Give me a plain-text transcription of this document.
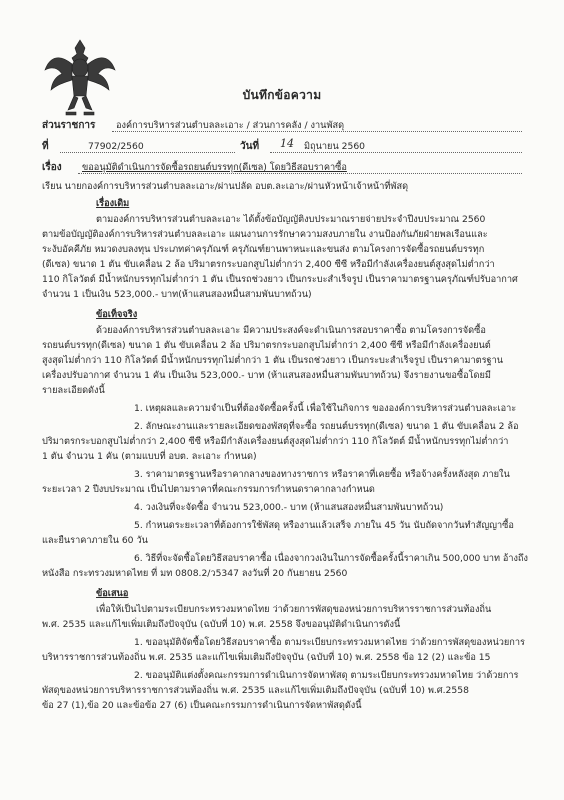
บันทึกข้อความ
ส่วนราชการ องค์การบริหารส่วนตำบลละเอาะ / ส่วนการคลัง / งานพัสดุ
ที่	77902/2560	วันที่ 14 มิถุนายน 2560
เรื่อง ขออนุมัติดำเนินการจัดซื้อรถยนต์บรรทุก(ดีเซล) โดยวิธีสอบราคาซื้อ
เรียน นายกองค์การบริหารส่วนตำบลละเอาะ/ผ่านปลัด อบต.ละเอาะ/ผ่านหัวหน้าเจ้าหน้าที่พัสดุ
เรื่องเดิม
ตามองค์การบริหารส่วนตำบลละเอาะ ได้ตั้งข้อบัญญัติงบประมาณรายจ่ายประจำปีงบประมาณ 2560
ตามข้อบัญญัติองค์การบริหารส่วนตำบลละเอาะ แผนงานการรักษาความสงบภายใน งานป้องกันภัยฝ่ายพลเรือนและ
ระงับอัคคีภัย หมวดงบลงทุน ประเภทค่าครุภัณฑ์ ครุภัณฑ์ยานพาหนะและขนส่ง ตามโครงการจัดซื้อรถยนต์บรรทุก
(ดีเซล) ขนาด 1 ตัน ขับเคลื่อน 2 ล้อ ปริมาตรกระบอกสูบไม่ต่ำกว่า 2,400 ซีซี หรือมีกำลังเครื่องยนต์สูงสุดไม่ต่ำกว่า
110 กิโลวัตต์ มีน้ำหนักบรรทุกไม่ต่ำกว่า 1 ตัน เป็นรถช่วงยาว เป็นกระบะสำเร็จรูป เป็นราคามาตรฐานครุภัณฑ์ปรับอากาศ
จำนวน 1 เป็นเงิน 523,000.- บาท(ห้าแสนสองหมื่นสามพันบาทถ้วน)
ข้อเท็จจริง
ด้วยองค์การบริหารส่วนตำบลละเอาะ มีความประสงค์จะดำเนินการสอบราคาซื้อ ตามโครงการจัดซื้อ
รถยนต์บรรทุก(ดีเซล) ขนาด 1 ตัน ขับเคลื่อน 2 ล้อ ปริมาตรกระบอกสูบไม่ต่ำกว่า 2,400 ซีซี หรือมีกำลังเครื่องยนต์
สูงสุดไม่ต่ำกว่า 110 กิโลวัตต์ มีน้ำหนักบรรทุกไม่ต่ำกว่า 1 ตัน เป็นรถช่วงยาว เป็นกระบะสำเร็จรูป เป็นราคามาตรฐาน
เครื่องปรับอากาศ จำนวน 1 คัน เป็นเงิน 523,000.- บาท (ห้าแสนสองหมื่นสามพันบาทถ้วน) จึงรายงานขอซื้อโดยมี
รายละเอียดดังนี้
1. เหตุผลและความจำเป็นที่ต้องจัดซื้อครั้งนี้ เพื่อใช้ในกิจการ ขององค์การบริหารส่วนตำบลละเอาะ
2. ลักษณะงานและรายละเอียดของพัสดุที่จะซื้อ รถยนต์บรรทุก(ดีเซล) ขนาด 1 ตัน ขับเคลื่อน 2 ล้อ
ปริมาตรกระบอกสูบไม่ต่ำกว่า 2,400 ซีซี หรือมีกำลังเครื่องยนต์สูงสุดไม่ต่ำกว่า 110 กิโลวัตต์ มีน้ำหนักบรรทุกไม่ต่ำกว่า
1 ตัน จำนวน 1 คัน (ตามแบบที่ อบต. ละเอาะ กำหนด)
3. ราคามาตรฐานหรือราคากลางของทางราชการ หรือราคาที่เคยซื้อ หรือจ้างครั้งหลังสุด ภายใน
ระยะเวลา 2 ปีงบประมาณ เป็นไปตามราคาที่คณะกรรมการกำหนดราคากลางกำหนด
4. วงเงินที่จะจัดซื้อ จำนวน 523,000.- บาท (ห้าแสนสองหมื่นสามพันบาทถ้วน)
5. กำหนดระยะเวลาที่ต้องการใช้พัสดุ หรืองานแล้วเสร็จ ภายใน 45 วัน นับถัดจากวันทำสัญญาซื้อ
และยืนราคาภายใน 60 วัน
6. วิธีที่จะจัดซื้อโดยวิธีสอบราคาซื้อ เนื่องจากวงเงินในการจัดซื้อครั้งนี้ราคาเกิน 500,000 บาท อ้างถึง
หนังสือ กระทรวงมหาดไทย ที่ มท 0808.2/ว5347 ลงวันที่ 20 กันยายน 2560
ข้อเสนอ
เพื่อให้เป็นไปตามระเบียบกระทรวงมหาดไทย ว่าด้วยการพัสดุของหน่วยการบริหารราชการส่วนท้องถิ่น
พ.ศ. 2535 และแก้ไขเพิ่มเติมถึงปัจจุบัน (ฉบับที่ 10) พ.ศ. 2558 จึงขออนุมัติดำเนินการดังนี้
1. ขออนุมัติจัดซื้อโดยวิธีสอบราคาซื้อ ตามระเบียบกระทรวงมหาดไทย ว่าด้วยการพัสดุของหน่วยการ
บริหารราชการส่วนท้องถิ่น พ.ศ. 2535 และแก้ไขเพิ่มเติมถึงปัจจุบัน (ฉบับที่ 10) พ.ศ. 2558 ข้อ 12 (2) และข้อ 15
2. ขออนุมัติแต่งตั้งคณะกรรมการดำเนินการจัดหาพัสดุ ตามระเบียบกระทรวงมหาดไทย ว่าด้วยการ
พัสดุของหน่วยการบริหารราชการส่วนท้องถิ่น พ.ศ. 2535 และแก้ไขเพิ่มเติมถึงปัจจุบัน (ฉบับที่ 10) พ.ศ.2558
ข้อ 27 (1),ข้อ 20 และข้อข้อ 27 (6) เป็นคณะกรรมการดำเนินการจัดหาพัสดุดังนี้
